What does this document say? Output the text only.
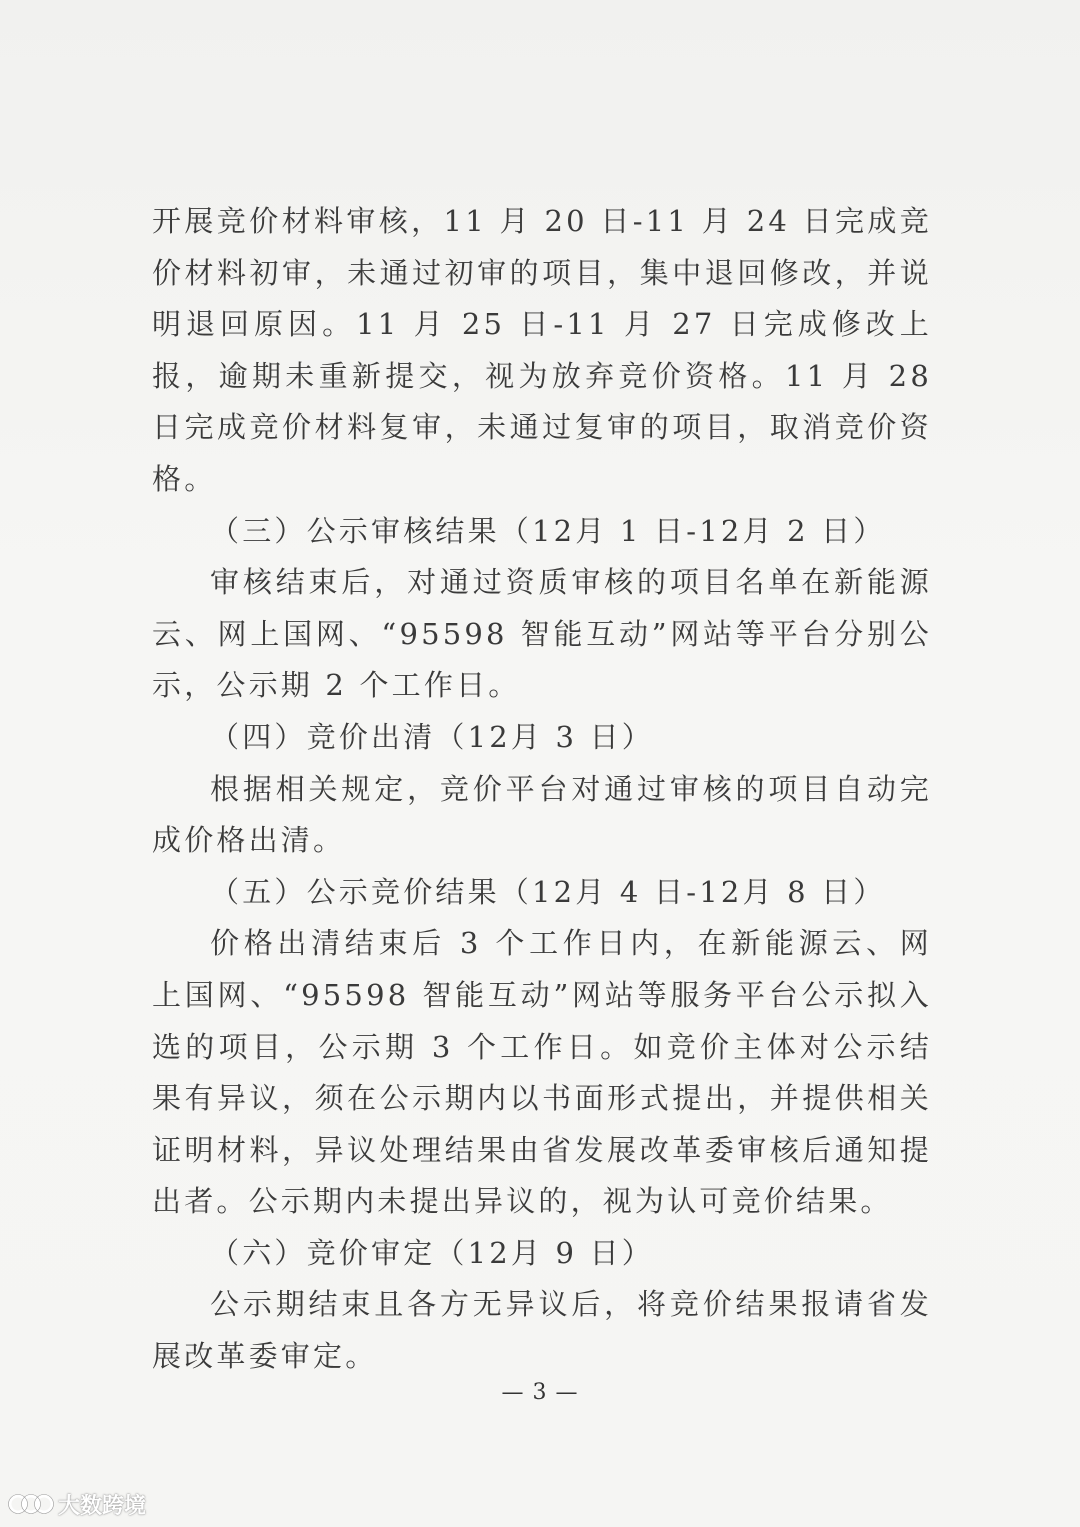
开展竞价材料审核，11 月 20 日-11 月 24 日完成竞价材料初审，未通过初审的项目，集中退回修改，并说明退回原因。11 月 25 日-11 月 27 日完成修改上报，逾期未重新提交，视为放弃竞价资格。11 月 28 日完成竞价材料复审，未通过复审的项目，取消竞价资格。

（三）公示审核结果（12月 1 日-12月 2 日）

审核结束后，对通过资质审核的项目名单在新能源云、网上国网、“95598 智能互动”网站等平台分别公示，公示期 2 个工作日。

（四）竞价出清（12月 3 日）

根据相关规定，竞价平台对通过审核的项目自动完成价格出清。

（五）公示竞价结果（12月 4 日-12月 8 日）

价格出清结束后 3 个工作日内，在新能源云、网上国网、“95598 智能互动”网站等服务平台公示拟入选的项目，公示期 3 个工作日。如竞价主体对公示结果有异议，须在公示期内以书面形式提出，并提供相关证明材料，异议处理结果由省发展改革委审核后通知提出者。公示期内未提出异议的，视为认可竞价结果。

（六）竞价审定（12月 9 日）

公示期结束且各方无异议后，将竞价结果报请省发展改革委审定。

— 3 —
大数跨境
